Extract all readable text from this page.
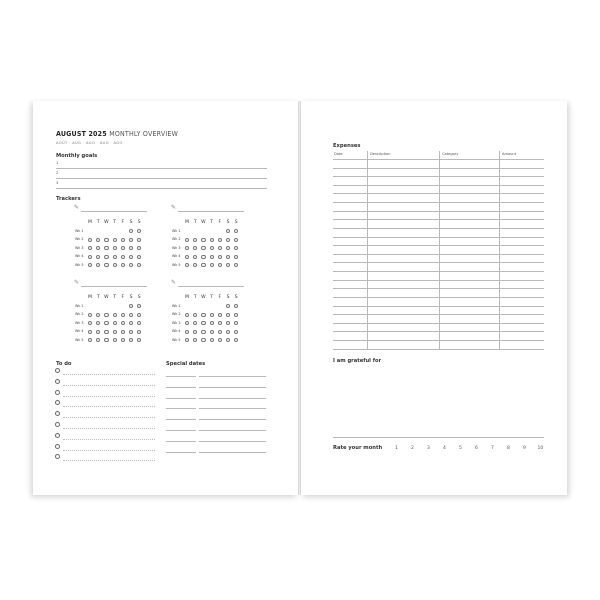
AUGUST 2025 MONTHLY OVERVIEW
AOÛT · AUG · AGO · AUG · AGO
Monthly goals
1
2
3
Trackers
To do	Special dates
Expenses
Date	Description	Category	Amount
I am grateful for
Rate your month
✎
M	T	W	T	F	S	S
Wk 1
Wk 2
Wk 3
Wk 4
Wk 5
✎
M	T	W	T	F	S	S
Wk 1
Wk 2
Wk 3
Wk 4
Wk 5
✎
M	T	W	T	F	S	S
Wk 1
Wk 2
Wk 3
Wk 4
Wk 5
✎
M	T	W	T	F	S	S
Wk 1
Wk 2
Wk 3
Wk 4
Wk 5
1	2	3	4	5	6	7	8	9	10
